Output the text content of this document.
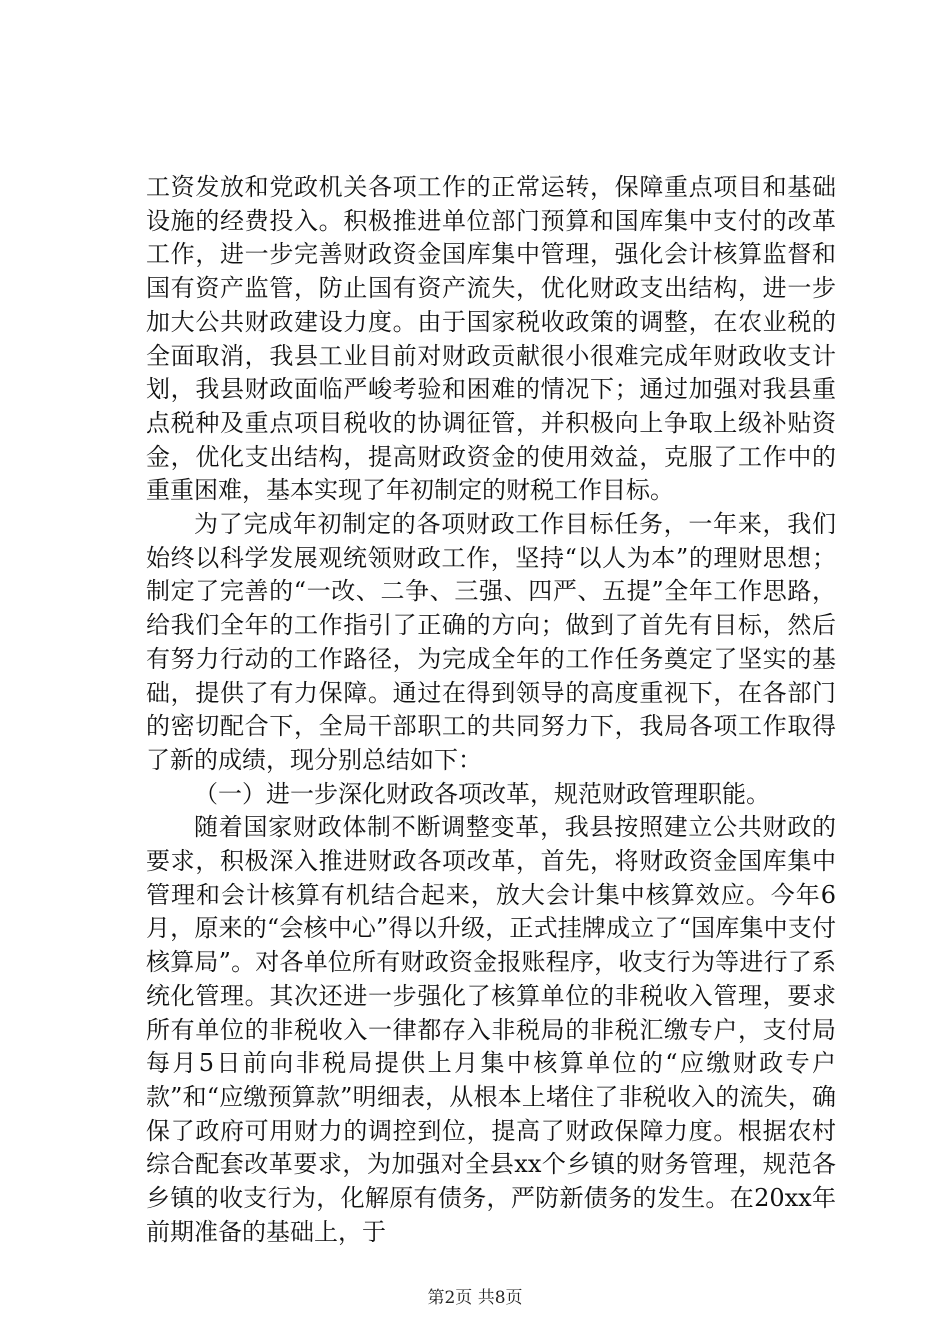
工资发放和党政机关各项工作的正常运转，保障重点项目和基础设施的经费投入。积极推进单位部门预算和国库集中支付的改革工作，进一步完善财政资金国库集中管理，强化会计核算监督和国有资产监管，防止国有资产流失，优化财政支出结构，进一步加大公共财政建设力度。由于国家税收政策的调整，在农业税的全面取消，我县工业目前对财政贡献很小很难完成年财政收支计划，我县财政面临严峻考验和困难的情况下；通过加强对我县重点税种及重点项目税收的协调征管，并积极向上争取上级补贴资金，优化支出结构，提高财政资金的使用效益，克服了工作中的重重困难，基本实现了年初制定的财税工作目标。

为了完成年初制定的各项财政工作目标任务，一年来，我们始终以科学发展观统领财政工作，坚持“以人为本”的理财思想；制定了完善的“一改、二争、三强、四严、五提”全年工作思路，给我们全年的工作指引了正确的方向；做到了首先有目标，然后有努力行动的工作路径，为完成全年的工作任务奠定了坚实的基础，提供了有力保障。通过在得到领导的高度重视下，在各部门的密切配合下，全局干部职工的共同努力下，我局各项工作取得了新的成绩，现分别总结如下：

（一）进一步深化财政各项改革，规范财政管理职能。

随着国家财政体制不断调整变革，我县按照建立公共财政的要求，积极深入推进财政各项改革，首先，将财政资金国库集中管理和会计核算有机结合起来，放大会计集中核算效应。今年6月，原来的“会核中心”得以升级，正式挂牌成立了“国库集中支付核算局”。对各单位所有财政资金报账程序，收支行为等进行了系统化管理。其次还进一步强化了核算单位的非税收入管理，要求所有单位的非税收入一律都存入非税局的非税汇缴专户，支付局每月5日前向非税局提供上月集中核算单位的“应缴财政专户款”和“应缴预算款”明细表，从根本上堵住了非税收入的流失，确保了政府可用财力的调控到位，提高了财政保障力度。根据农村综合配套改革要求，为加强对全县xx个乡镇的财务管理，规范各乡镇的收支行为，化解原有债务，严防新债务的发生。在20xx年前期准备的基础上，于

第2页 共8页
